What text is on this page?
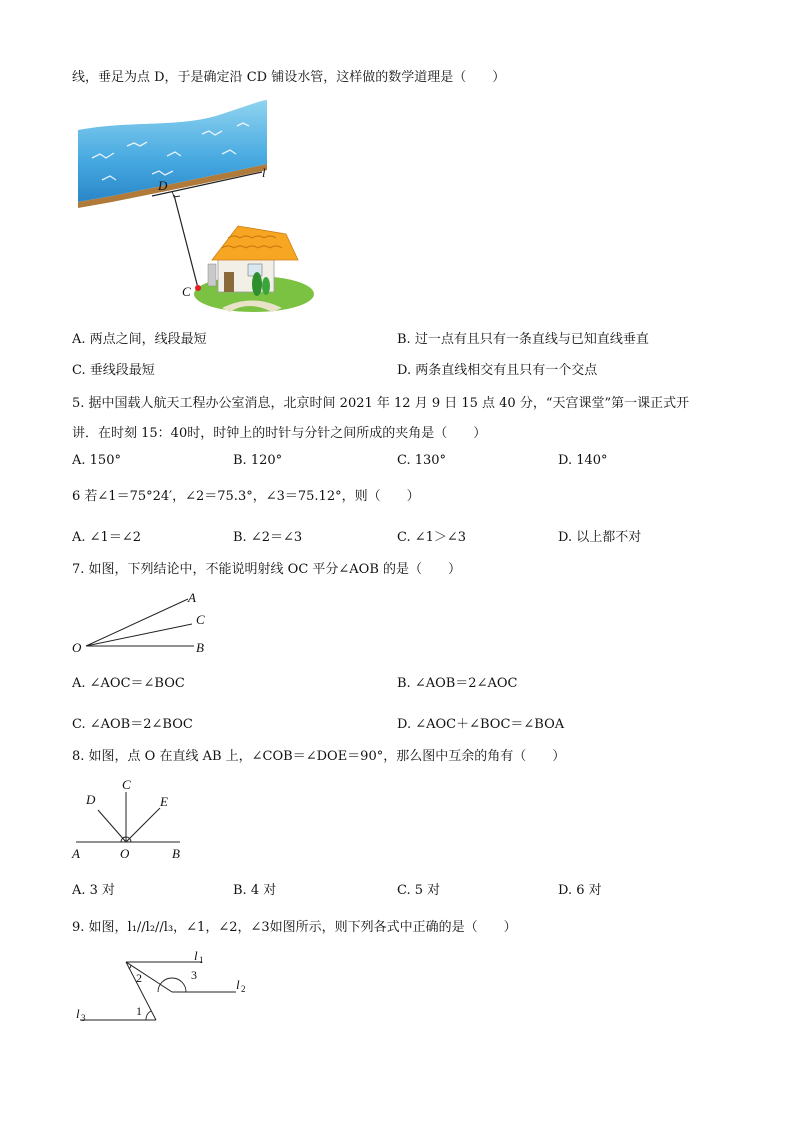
线，垂足为点 D，于是确定沿 CD 铺设水管，这样做的数学道理是（　　）
l
D
C
A. 两点之间，线段最短	B. 过一点有且只有一条直线与已知直线垂直
C. 垂线段最短	D. 两条直线相交有且只有一个交点
5. 据中国载人航天工程办公室消息，北京时间 2021 年 12 月 9 日 15 点 40 分，“天宫课堂”第一课正式开
讲．在时刻 15：40时，时钟上的时针与分针之间所成的夹角是（　　）
A. 150°	B. 120°	C. 130°	D. 140°
6 若∠1＝75°24′，∠2＝75.3°，∠3＝75.12°，则（　　）
A. ∠1＝∠2	B. ∠2＝∠3	C. ∠1＞∠3	D. 以上都不对
7. 如图，下列结论中，不能说明射线 OC 平分∠AOB 的是（　　）
A
C
O	B
A. ∠AOC＝∠BOC	B. ∠AOB＝2∠AOC
C. ∠AOB＝2∠BOC	D. ∠AOC＋∠BOC＝∠BOA
8. 如图，点 O 在直线 AB 上，∠COB＝∠DOE＝90°，那么图中互余的角有（　　）
C
D	E
A	O	B
A. 3 对	B. 4 对	C. 5 对	D. 6 对
9. 如图，l₁//l₂//l₃，∠1，∠2，∠3如图所示，则下列各式中正确的是（　　）
l 1
l 2
l 3	1
2	3
